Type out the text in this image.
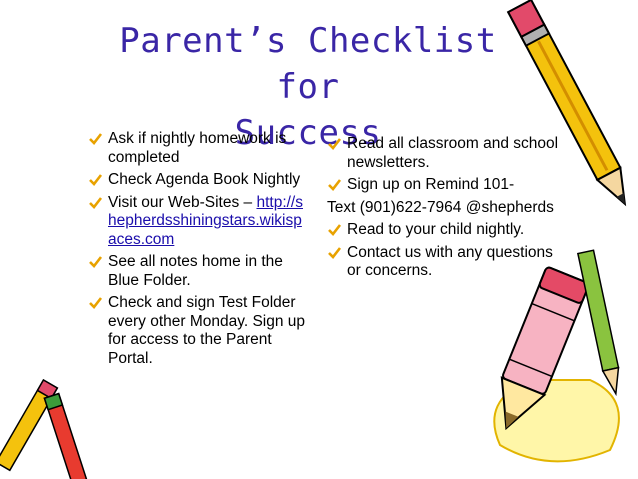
Parent’s Checklist for
Success
Ask if nightly homework is completed
Check Agenda Book Nightly
Visit our Web-Sites – http://shepherdsshiningstars.wikispaces.com
See all notes home in the Blue Folder.
Check and sign Test Folder every other Monday. Sign up for access to the Parent Portal.
Read all classroom and school newsletters.
Sign up on Remind 101-
Text (901)622-7964 @shepherds
Read to your child nightly.
Contact us with any questions or concerns.
